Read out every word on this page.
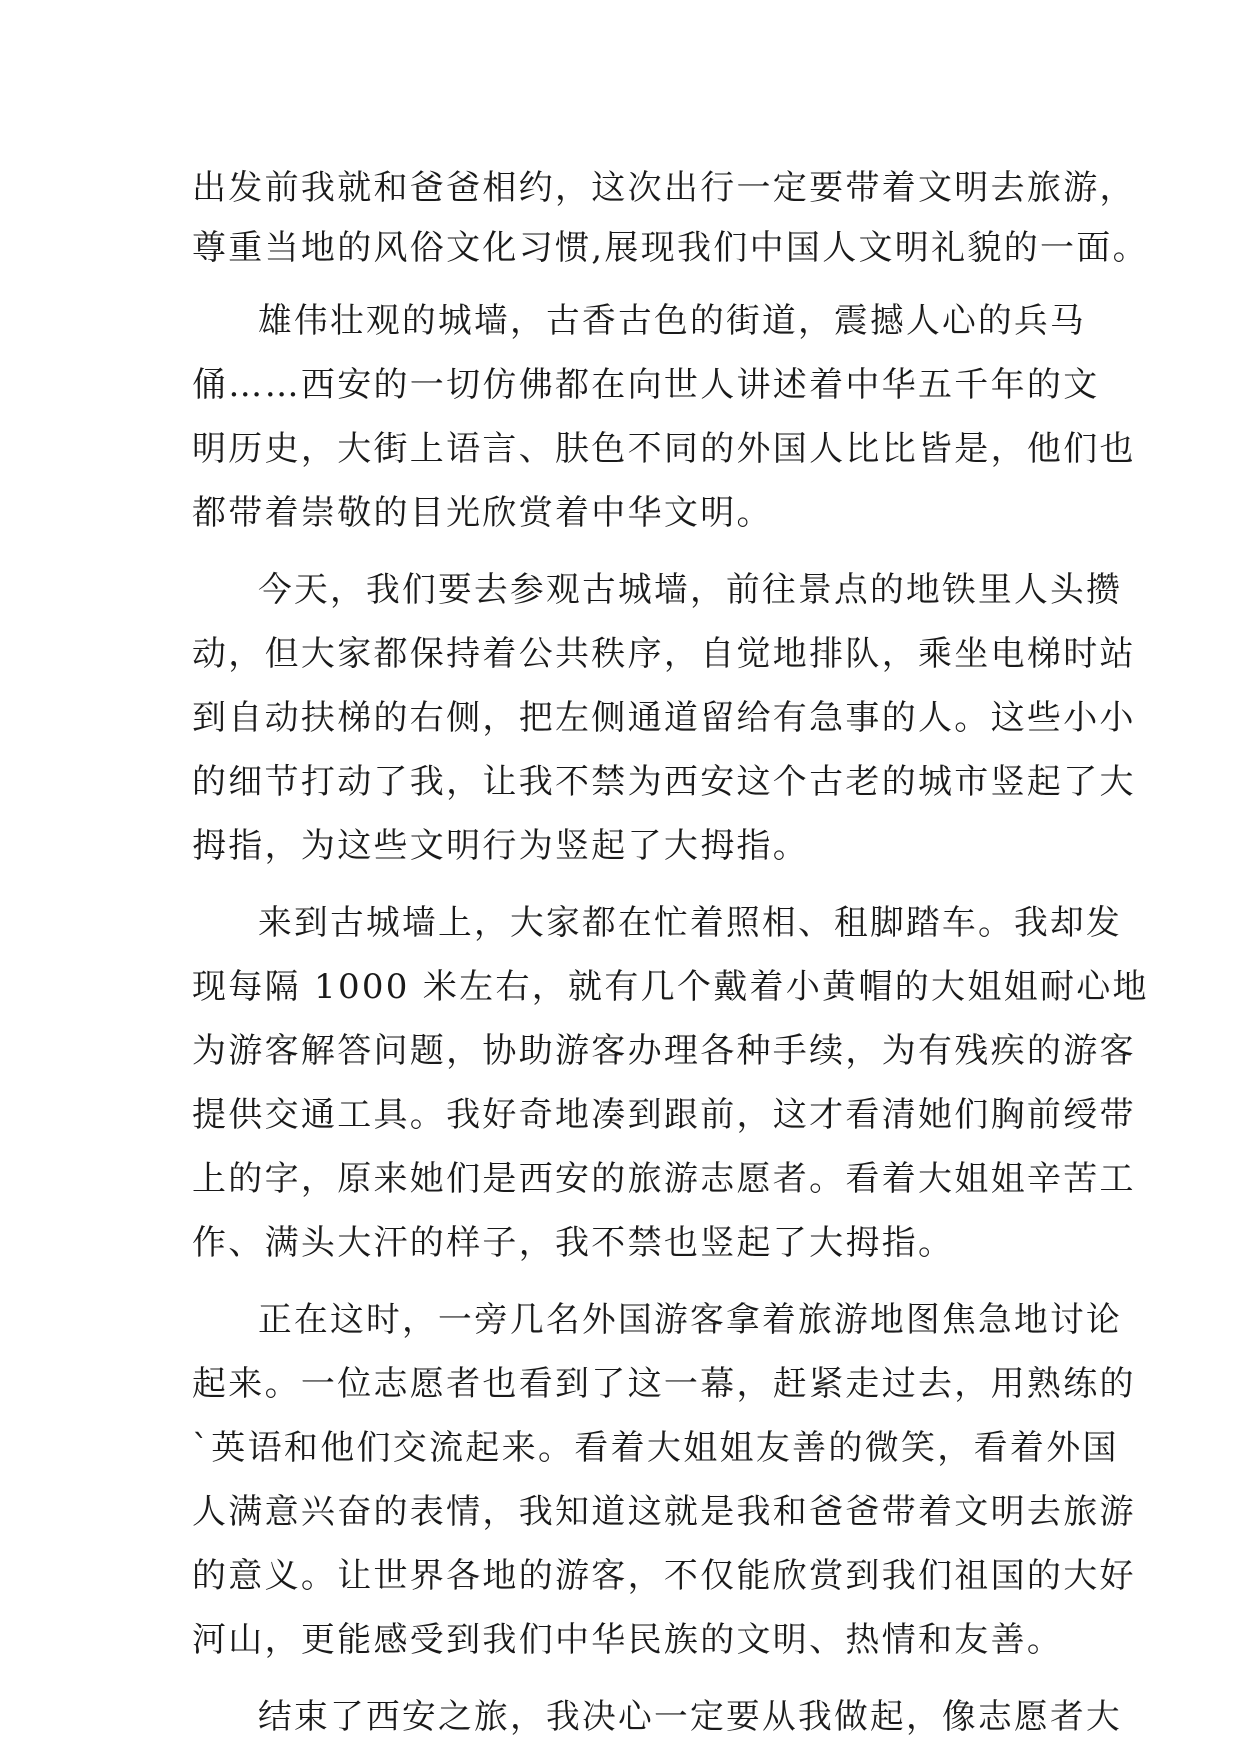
出发前我就和爸爸相约，这次出行一定要带着文明去旅游，
尊重当地的风俗文化习惯,展现我们中国人文明礼貌的一面。
雄伟壮观的城墙，古香古色的街道，震撼人心的兵马
俑……西安的一切仿佛都在向世人讲述着中华五千年的文
明历史，大街上语言、肤色不同的外国人比比皆是，他们也
都带着崇敬的目光欣赏着中华文明。
今天，我们要去参观古城墙，前往景点的地铁里人头攒
动，但大家都保持着公共秩序，自觉地排队，乘坐电梯时站
到自动扶梯的右侧，把左侧通道留给有急事的人。这些小小
的细节打动了我，让我不禁为西安这个古老的城市竖起了大
拇指，为这些文明行为竖起了大拇指。
来到古城墙上，大家都在忙着照相、租脚踏车。我却发
现每隔 1000 米左右，就有几个戴着小黄帽的大姐姐耐心地
为游客解答问题，协助游客办理各种手续，为有残疾的游客
提供交通工具。我好奇地凑到跟前，这才看清她们胸前绶带
上的字，原来她们是西安的旅游志愿者。看着大姐姐辛苦工
作、满头大汗的样子，我不禁也竖起了大拇指。
正在这时，一旁几名外国游客拿着旅游地图焦急地讨论
起来。一位志愿者也看到了这一幕，赶紧走过去，用熟练的
`英语和他们交流起来。看着大姐姐友善的微笑，看着外国
人满意兴奋的表情，我知道这就是我和爸爸带着文明去旅游
的意义。让世界各地的游客，不仅能欣赏到我们祖国的大好
河山，更能感受到我们中华民族的文明、热情和友善。
结束了西安之旅，我决心一定要从我做起，像志愿者大
